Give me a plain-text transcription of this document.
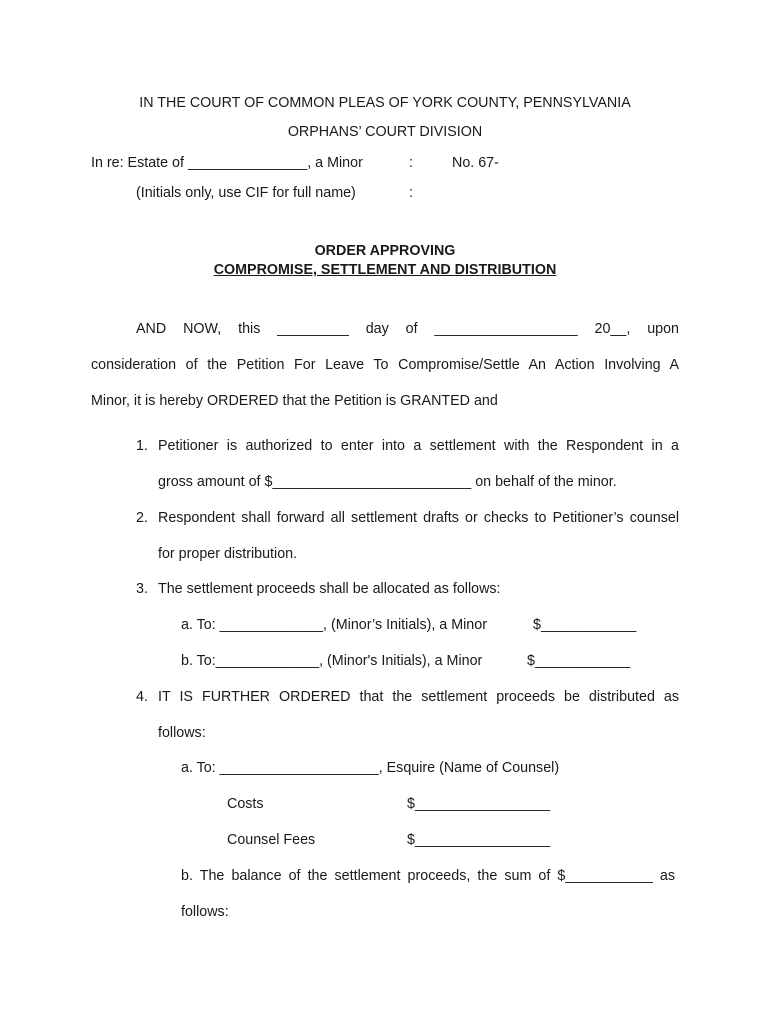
IN THE COURT OF COMMON PLEAS OF YORK COUNTY, PENNSYLVANIA
ORPHANS’ COURT DIVISION
In re: Estate of _______________, a Minor	:	No. 67-
(Initials only, use CIF for full name)	:
ORDER APPROVING
COMPROMISE, SETTLEMENT AND DISTRIBUTION
AND NOW, this _________ day of __________________ 20__, upon
consideration of the Petition For Leave To Compromise/Settle An Action Involving A
Minor, it is hereby ORDERED that the Petition is GRANTED and
1. Petitioner is authorized to enter into a settlement with the Respondent in a
gross amount of $_________________________ on behalf of the minor.
2. Respondent shall forward all settlement drafts or checks to Petitioner’s counsel
for proper distribution.
3. The settlement proceeds shall be allocated as follows:
a. To: _____________, (Minor’s Initials), a Minor	$____________
b. To:_____________, (Minor's Initials), a Minor	$____________
4. IT IS FURTHER ORDERED that the settlement proceeds be distributed as
follows:
a. To: ____________________, Esquire (Name of Counsel)
Costs	$_________________
Counsel Fees	$_________________
b. The balance of the settlement proceeds, the sum of $___________ as
follows:
